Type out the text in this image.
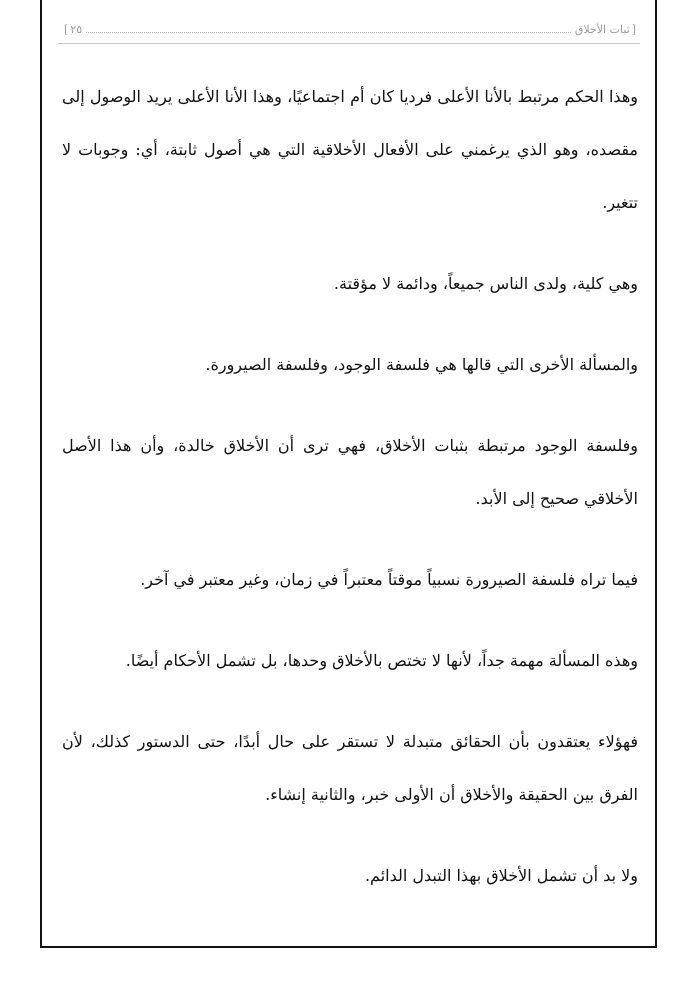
[
ثبات الأخلاق
٢٥
]

وهذا الحكم مرتبط بالأنا الأعلى فرديا كان أم اجتماعيًا، وهذا الأنا الأعلى يريد الوصول إلى مقصده، وهو الذي يرغمني على الأفعال الأخلاقية التي هي أصول ثابتة، أي: وجوبات لا تتغير.

وهي كلية، ولدى الناس جميعاً، ودائمة لا مؤقتة.

والمسألة الأخرى التي قالها هي فلسفة الوجود، وفلسفة الصيرورة.

وفلسفة الوجود مرتبطة بثبات الأخلاق، فهي ترى أن الأخلاق خالدة، وأن هذا الأصل الأخلاقي صحيح إلى الأبد.

فيما تراه فلسفة الصيرورة نسبياً موقتاً معتبراً في زمان، وغير معتبر في آخر.

وهذه المسألة مهمة جداً، لأنها لا تختص بالأخلاق وحدها، بل تشمل الأحكام أيضًا.

فهؤلاء يعتقدون بأن الحقائق متبدلة لا تستقر على حال أبدًا، حتى الدستور كذلك، لأن الفرق بين الحقيقة والأخلاق أن الأولى خبر، والثانية إنشاء.

ولا بد أن تشمل الأخلاق بهذا التبدل الدائم.
